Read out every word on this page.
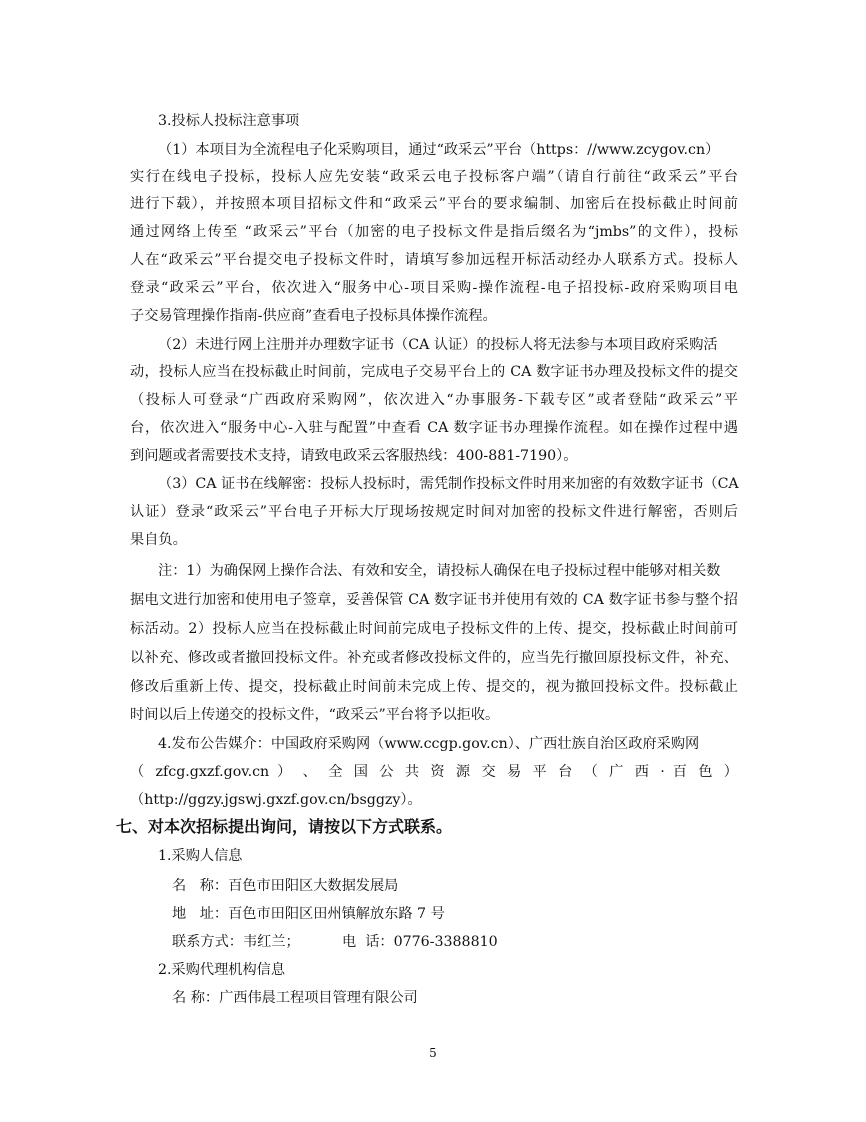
3.投标人投标注意事项
（1）本项目为全流程电子化采购项目，通过“政采云”平台（https：//www.zcygov.cn）
实行在线电子投标，投标人应先安装“政采云电子投标客户端”（请自行前往“政采云”平台
进行下载），并按照本项目招标文件和“政采云”平台的要求编制、加密后在投标截止时间前
通过网络上传至 “政采云”平台（加密的电子投标文件是指后缀名为“jmbs”的文件），投标
人在“政采云”平台提交电子投标文件时，请填写参加远程开标活动经办人联系方式。投标人
登录“政采云”平台，依次进入“服务中心-项目采购-操作流程-电子招投标-政府采购项目电
子交易管理操作指南-供应商”查看电子投标具体操作流程。
（2）未进行网上注册并办理数字证书（CA 认证）的投标人将无法参与本项目政府采购活
动，投标人应当在投标截止时间前，完成电子交易平台上的 CA 数字证书办理及投标文件的提交
（投标人可登录“广西政府采购网”，依次进入“办事服务-下载专区”或者登陆“政采云”平
台，依次进入“服务中心-入驻与配置”中查看 CA 数字证书办理操作流程。如在操作过程中遇
到问题或者需要技术支持，请致电政采云客服热线：400-881-7190）。
（3）CA 证书在线解密：投标人投标时，需凭制作投标文件时用来加密的有效数字证书（CA
认证）登录“政采云”平台电子开标大厅现场按规定时间对加密的投标文件进行解密，否则后
果自负。
注：1）为确保网上操作合法、有效和安全，请投标人确保在电子投标过程中能够对相关数
据电文进行加密和使用电子签章，妥善保管 CA 数字证书并使用有效的 CA 数字证书参与整个招
标活动。2）投标人应当在投标截止时间前完成电子投标文件的上传、提交，投标截止时间前可
以补充、修改或者撤回投标文件。补充或者修改投标文件的，应当先行撤回原投标文件，补充、
修改后重新上传、提交，投标截止时间前未完成上传、提交的，视为撤回投标文件。投标截止
时间以后上传递交的投标文件，“政采云”平台将予以拒收。
4.发布公告媒介：中国政府采购网（www.ccgp.gov.cn）、广西壮族自治区政府采购网
（ zfcg.gxzf.gov.cn ） 、 全 国 公 共 资 源 交 易 平 台 （ 广 西 · 百 色 ）
（http://ggzy.jgswj.gxzf.gov.cn/bsggzy）。
七、对本次招标提出询问，请按以下方式联系。
1.采购人信息
名   称：百色市田阳区大数据发展局
地   址：百色市田阳区田州镇解放东路 7 号
联系方式：韦红兰；	电  话：0776-3388810
2.采购代理机构信息
名 称：广西伟晨工程项目管理有限公司
5
